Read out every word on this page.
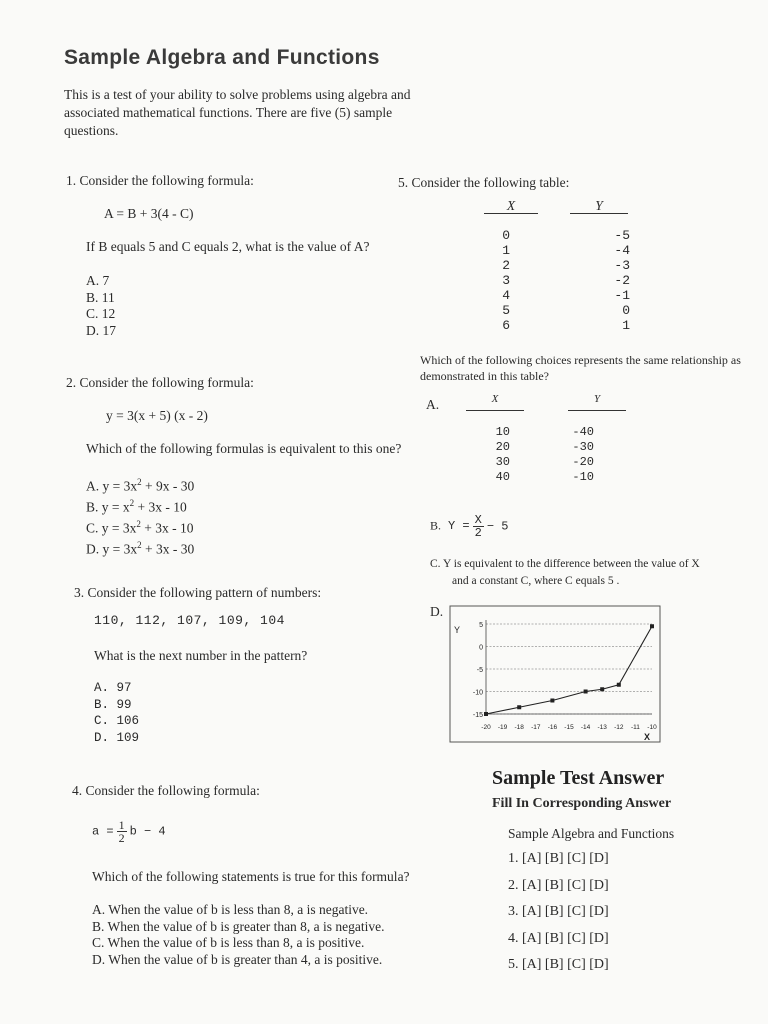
Sample Algebra and Functions
This is a test of your ability to solve problems using algebra and associated mathematical functions. There are five (5) sample questions.
1. Consider the following formula:
A = B + 3(4 - C)
If B equals 5 and C equals 2, what is the value of A?
A. 7
B. 11
C. 12
D. 17
2. Consider the following formula:
y = 3(x + 5) (x - 2)
Which of the following formulas is equivalent to this one?
A. $y = 3x^2 + 9x - 30$
B. $y = x^2 + 3x - 10$
C. $y = 3x^2 + 3x - 10$
D. $y = 3x^2 + 3x - 30$
3. Consider the following pattern of numbers:
110, 112, 107, 109, 104
What is the next number in the pattern?
A. 97
B. 99
C. 106
D. 109
4. Consider the following formula:
$a = \frac{1}{2}$ b − 4
Which of the following statements is true for this formula?
A. When the value of b is less than 8, a is negative.
B. When the value of b is greater than 8, a is negative.
C. When the value of b is less than 8, a is positive.
D. When the value of b is greater than 4, a is positive.
5. Consider the following table:
X	Y
0	-5
1	-4
2	-3
3	-2
4	-1
5	0
6	1
Which of the following choices represents the same relationship as demonstrated in this table?
A.	X	Y
10	-40
20	-30
30	-20
40	-10
B. $Y = \frac{X}{2} - 5$
C. Y is equivalent to the difference between the value of X
and a constant C, where C equals 5 .
D.
Y	5
0
-5
-10
-15
-20 -19 -18 -17 -16 -15 -14 -13 -12 -11 -10
X
Sample Test Answer
Fill In Corresponding Answer
Sample Algebra and Functions
1. [A] [B] [C] [D]
2. [A] [B] [C] [D]
3. [A] [B] [C] [D]
4. [A] [B] [C] [D]
5. [A] [B] [C] [D]
